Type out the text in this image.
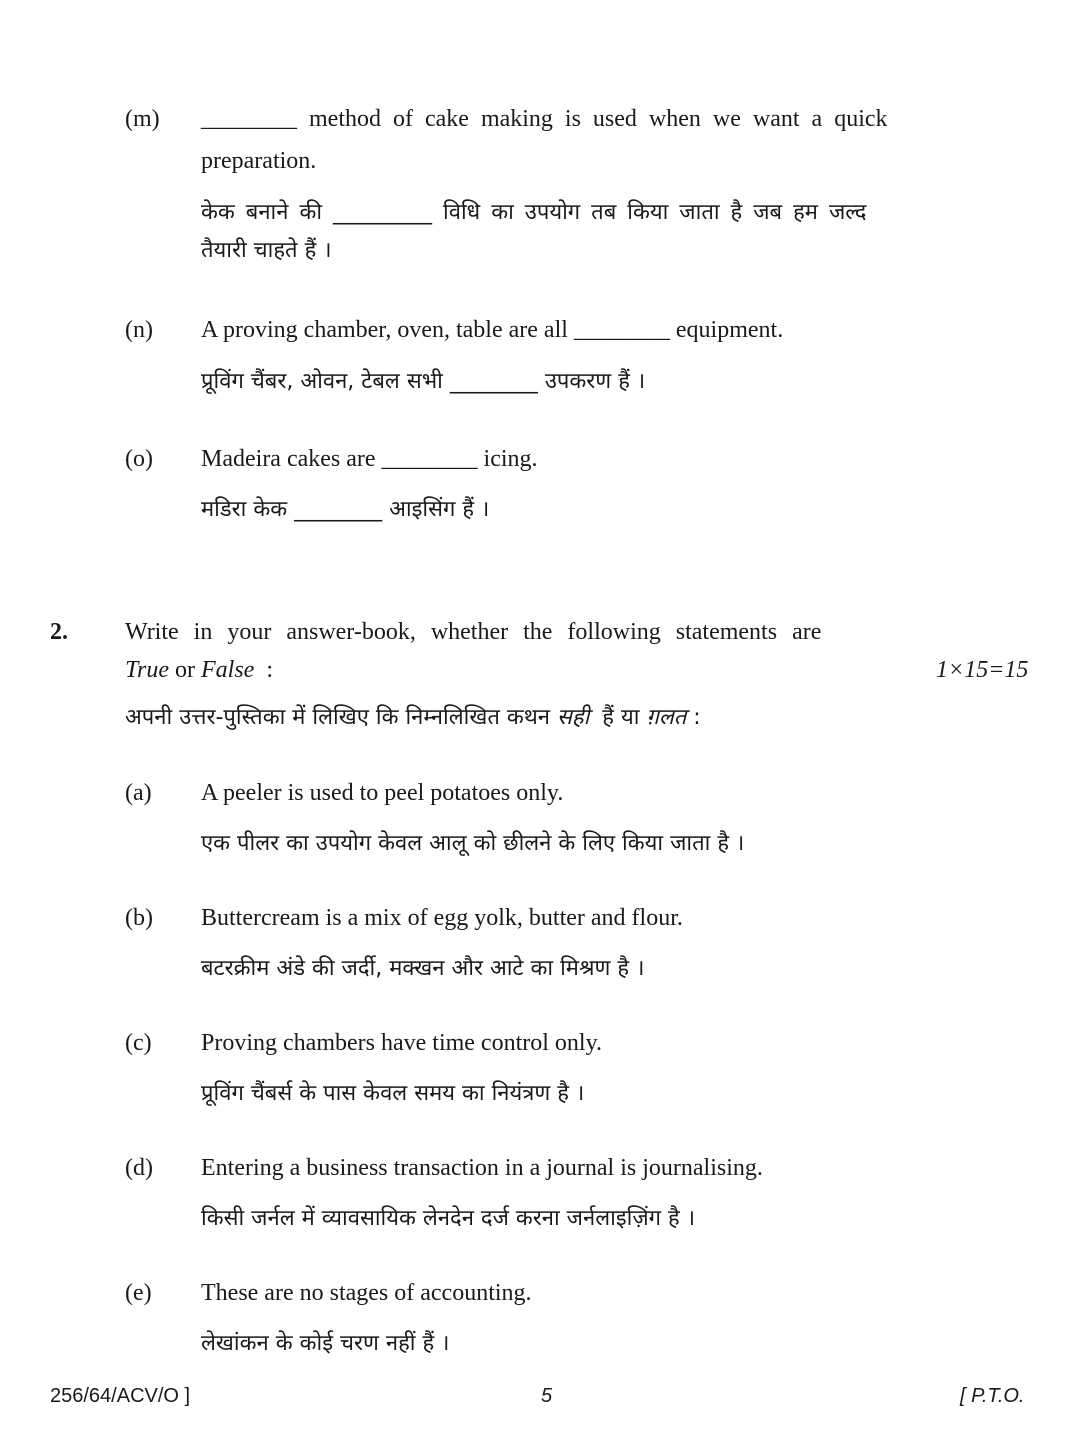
(m) ________ method of cake making is used when we want a quick
preparation.
केक बनाने की _________ विधि का उपयोग तब किया जाता है जब हम जल्द
तैयारी चाहते हैं ।
(n) A proving chamber, oven, table are all ________ equipment.
प्रूविंग चैंबर, ओवन, टेबल सभी ________ उपकरण हैं ।
(o) Madeira cakes are ________ icing.
मडिरा केक ________ आइसिंग हैं ।
2. Write in your answer-book, whether the following statements are
True or False :	1×15=15
अपनी उत्तर-पुस्तिका में लिखिए कि निम्नलिखित कथन सही हैं या ग़लत :
(a) A peeler is used to peel potatoes only.
एक पीलर का उपयोग केवल आलू को छीलने के लिए किया जाता है ।
(b) Buttercream is a mix of egg yolk, butter and flour.
बटरक्रीम अंडे की जर्दी, मक्खन और आटे का मिश्रण है ।
(c) Proving chambers have time control only.
प्रूविंग चैंबर्स के पास केवल समय का नियंत्रण है ।
(d) Entering a business transaction in a journal is journalising.
किसी जर्नल में व्यावसायिक लेनदेन दर्ज करना जर्नलाइज़िंग है ।
(e) These are no stages of accounting.
लेखांकन के कोई चरण नहीं हैं ।
256/64/ACV/O ]	5	[ P.T.O.
